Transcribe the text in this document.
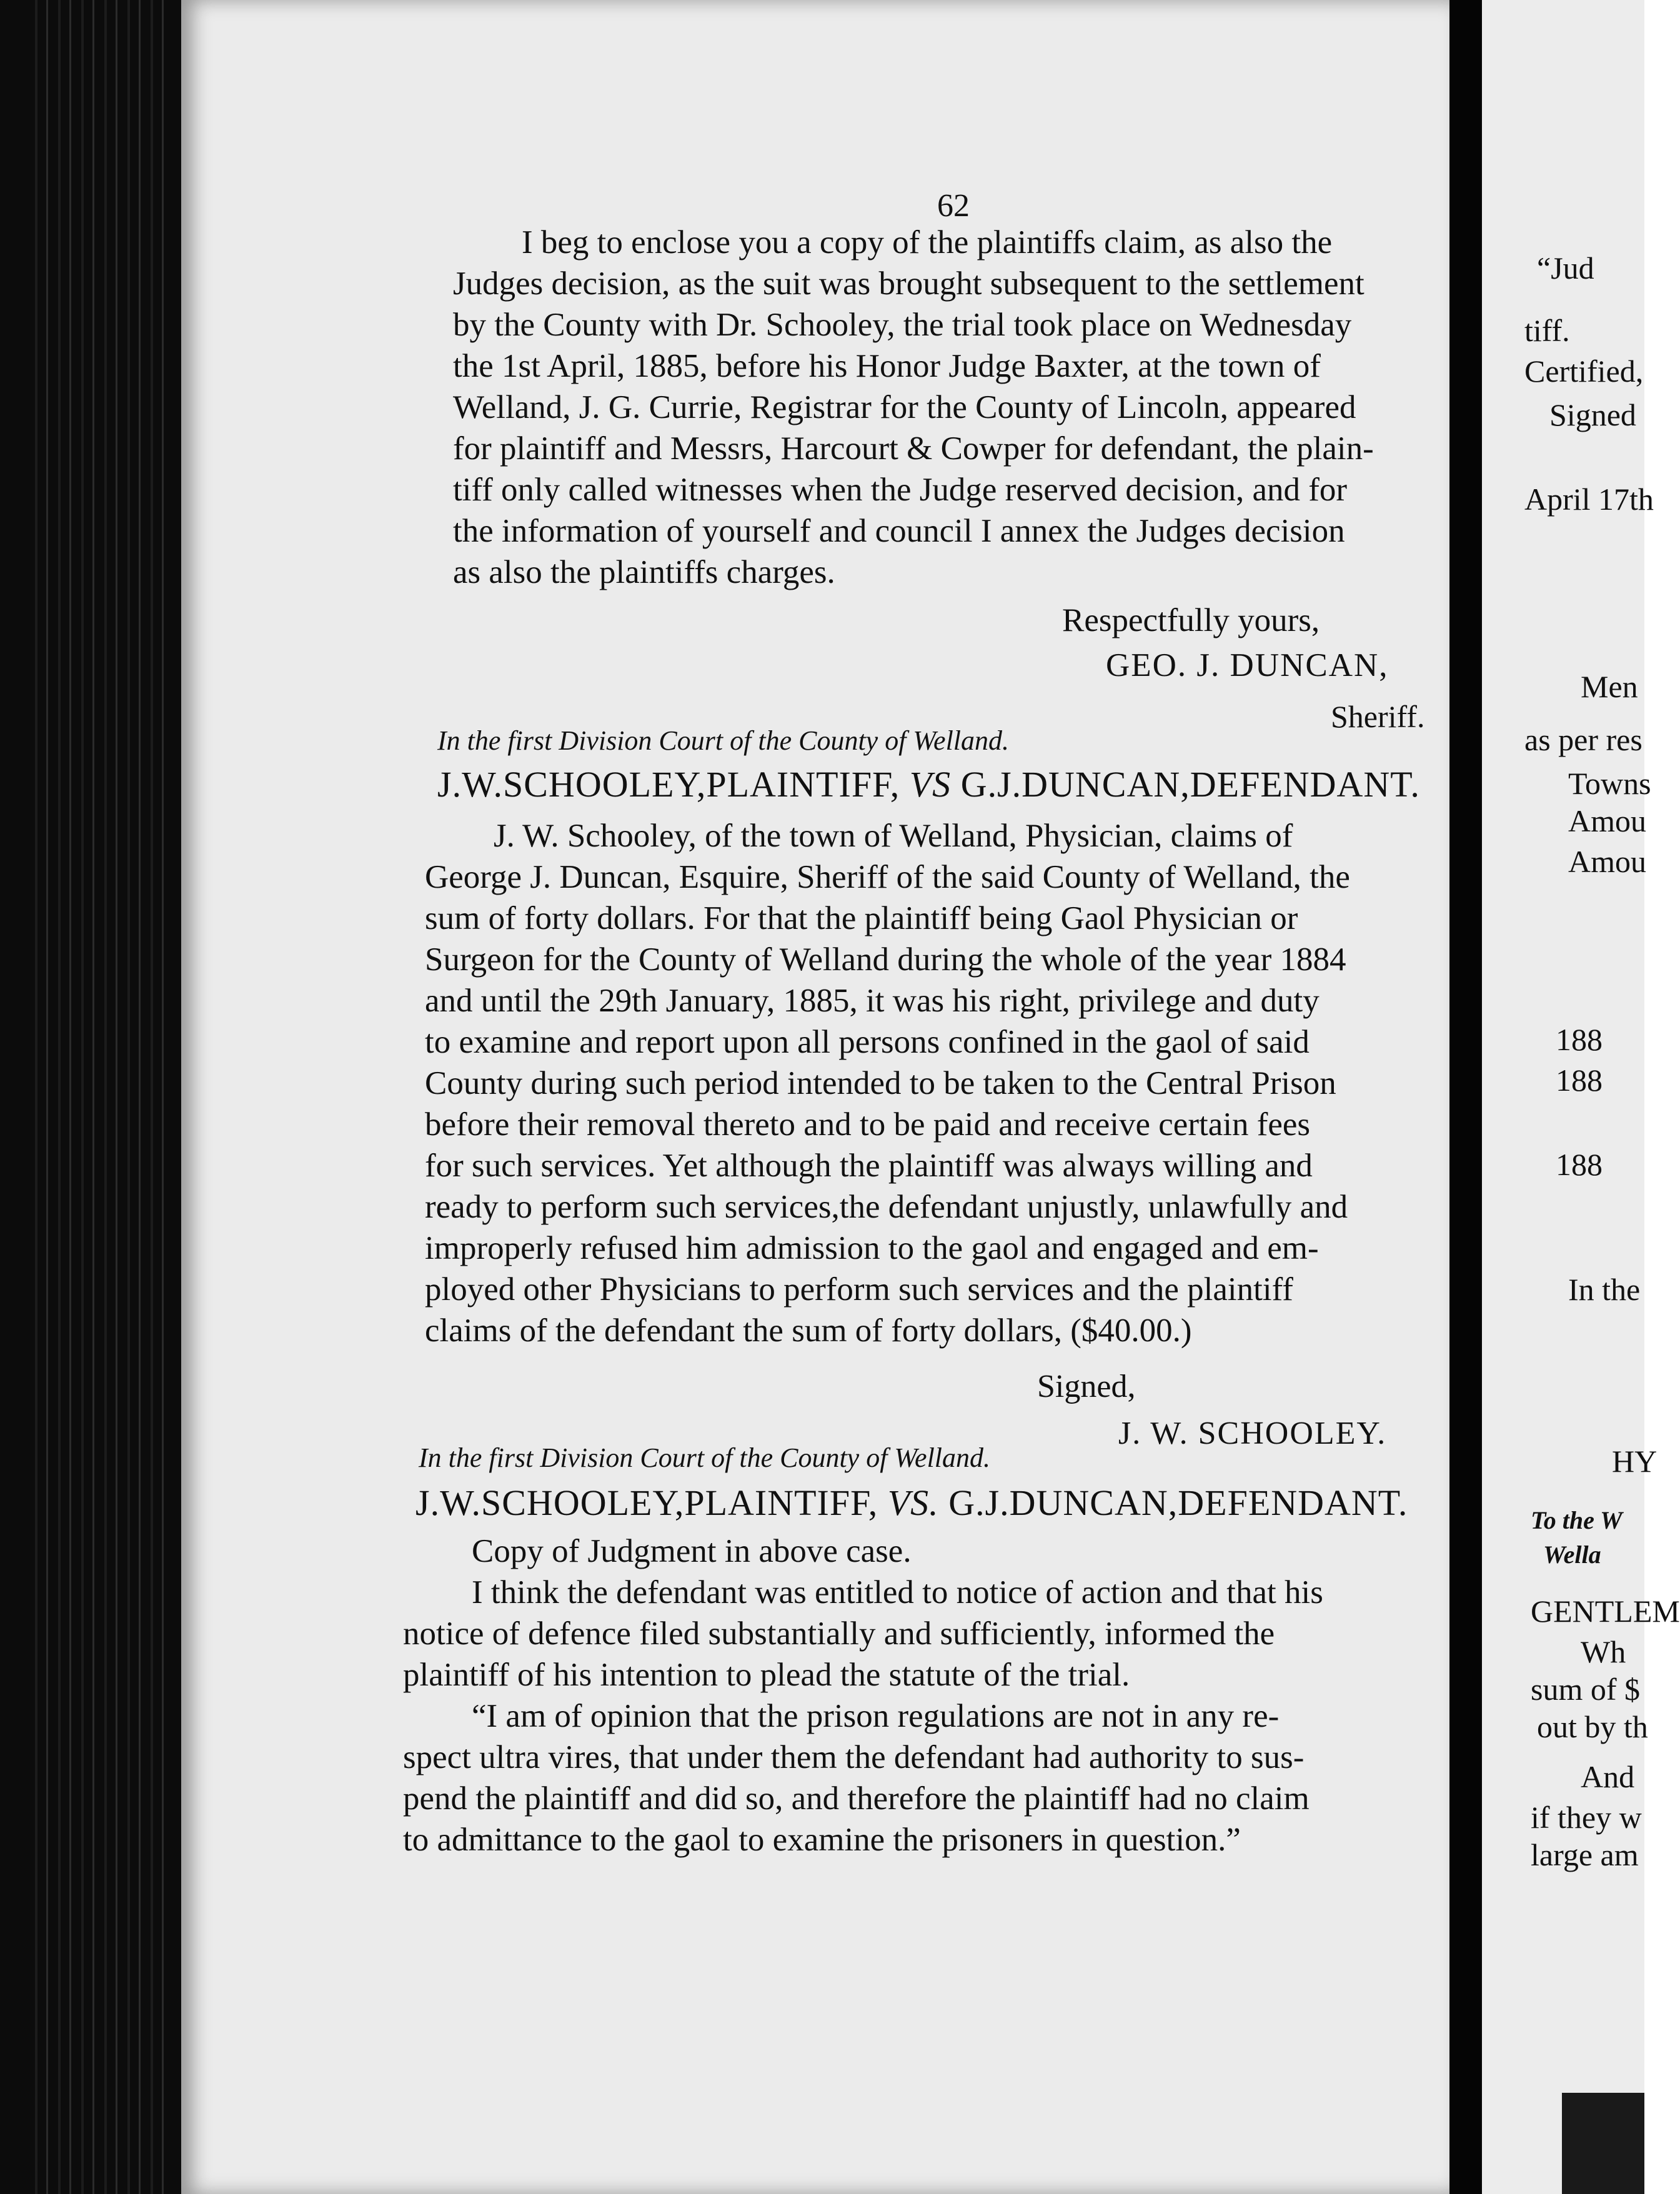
62

I beg to enclose you a copy of the plaintiffs claim, as also the
Judges decision, as the suit was brought subsequent to the settlement
by the County with Dr. Schooley, the trial took place on Wednesday
the 1st April, 1885, before his Honor Judge Baxter, at the town of
Welland, J. G. Currie, Registrar for the County of Lincoln, appeared
for plaintiff and Messrs, Harcourt & Cowper for defendant, the plain-
tiff only called witnesses when the Judge reserved decision, and for
the information of yourself and council I annex the Judges decision
as also the plaintiffs charges.

Respectfully yours,
GEO. J. DUNCAN,
Sheriff.
In the first Division Court of the County of Welland.
J.W.SCHOOLEY,PLAINTIFF, VS G.J.DUNCAN,DEFENDANT.

J. W. Schooley, of the town of Welland, Physician, claims of
George J. Duncan, Esquire, Sheriff of the said County of Welland, the
sum of forty dollars. For that the plaintiff being Gaol Physician or
Surgeon for the County of Welland during the whole of the year 1884
and until the 29th January, 1885, it was his right, privilege and duty
to examine and report upon all persons confined in the gaol of said
County during such period intended to be taken to the Central Prison
before their removal thereto and to be paid and receive certain fees
for such services. Yet although the plaintiff was always willing and
ready to perform such services,the defendant unjustly, unlawfully and
improperly refused him admission to the gaol and engaged and em-
ployed other Physicians to perform such services and the plaintiff
claims of the defendant the sum of forty dollars, ($40.00.)

Signed,
J. W. SCHOOLEY.
In the first Division Court of the County of Welland.
J.W.SCHOOLEY,PLAINTIFF, VS. G.J.DUNCAN,DEFENDANT.

Copy of Judgment in above case.
I think the defendant was entitled to notice of action and that his
notice of defence filed substantially and sufficiently, informed the
plaintiff of his intention to plead the statute of the trial.
“I am of opinion that the prison regulations are not in any re-
spect ultra vires, that under them the defendant had authority to sus-
pend the plaintiff and did so, and therefore the plaintiff had no claim
to admittance to the gaol to examine the prisoners in question.”

“Jud
tiff.
Certified,
Signed
April 17th
Men
as per res
Towns
Amou
Amou
188
188
188
In the
HY
To the W
Wella
GENTLEM
Wh
sum of $
out by th
And
if they w
large am
